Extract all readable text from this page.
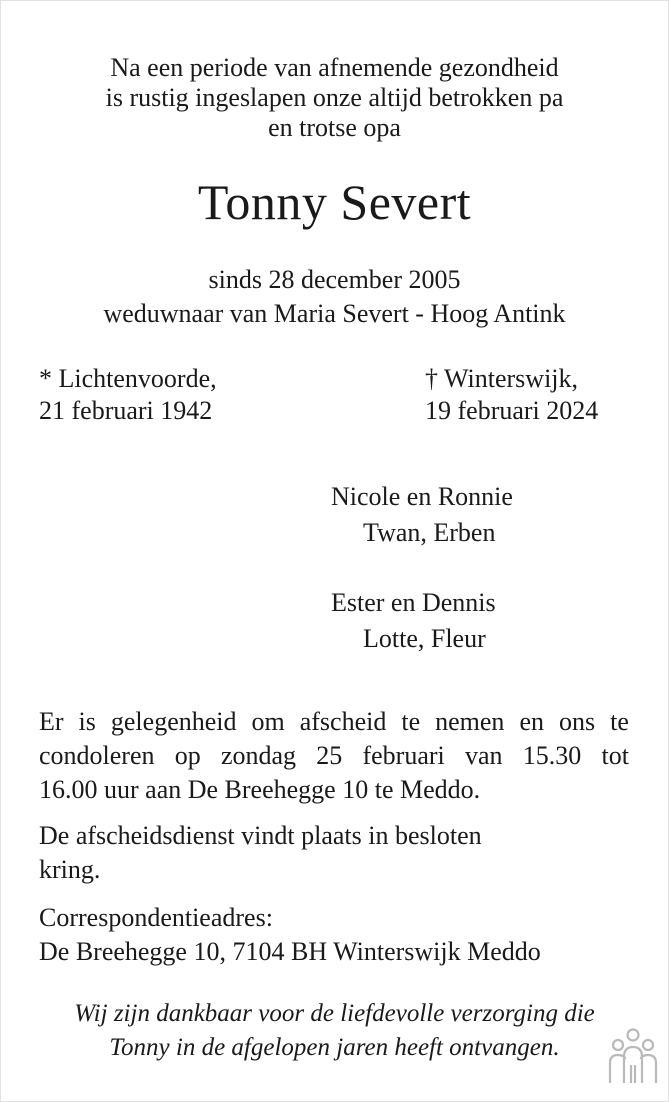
Na een periode van afnemende gezondheid
is rustig ingeslapen onze altijd betrokken pa
en trotse opa
Tonny Severt
sinds 28 december 2005
weduwnaar van Maria Severt - Hoog Antink
* Lichtenvoorde,
21 februari 1942
† Winterswijk,
19 februari 2024
Nicole en Ronnie
Twan, Erben
Ester en Dennis
Lotte, Fleur
Er is gelegenheid om afscheid te nemen en ons te
condoleren op zondag 25 februari van 15.30 tot
16.00 uur aan De Breehegge 10 te Meddo.
De afscheidsdienst vindt plaats in besloten
kring.
Correspondentieadres:
De Breehegge 10, 7104 BH Winterswijk Meddo
Wij zijn dankbaar voor de liefdevolle verzorging die
Tonny in de afgelopen jaren heeft ontvangen.
